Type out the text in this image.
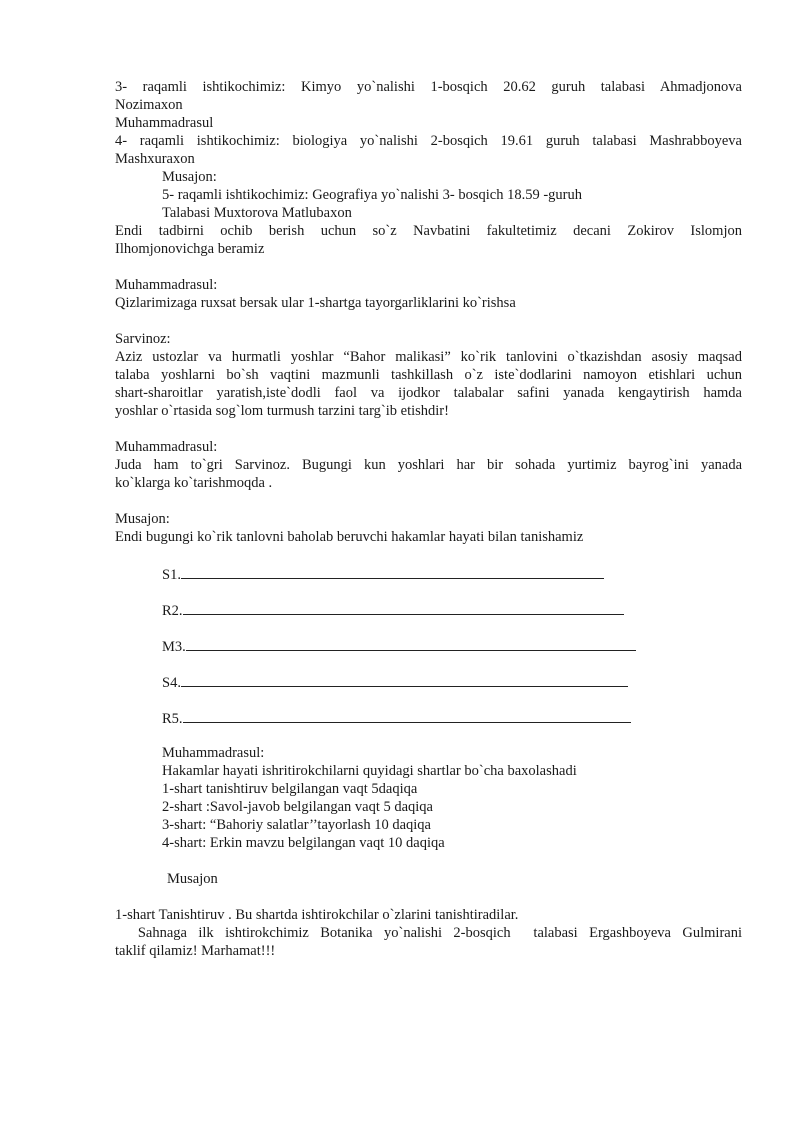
3- raqamli ishtikochimiz: Kimyo yo`nalishi 1-bosqich 20.62 guruh talabasi Ahmadjonova

Nozimaxon

Muhammadrasul

4- raqamli ishtikochimiz: biologiya yo`nalishi 2-bosqich 19.61 guruh talabasi Mashrabboyeva

Mashxuraxon

Musajon:

5- raqamli ishtikochimiz: Geografiya yo`nalishi 3- bosqich 18.59 -guruh

Talabasi Muxtorova Matlubaxon

Endi tadbirni ochib berish uchun so`z Navbatini fakultetimiz decani Zokirov Islomjon

Ilhomjonovichga beramiz

Muhammadrasul:

Qizlarimizaga ruxsat bersak ular 1-shartga tayorgarliklarini ko`rishsa

Sarvinoz:

Aziz ustozlar va hurmatli yoshlar “Bahor malikasi” ko`rik tanlovini o`tkazishdan asosiy maqsad

talaba yoshlarni bo`sh vaqtini mazmunli tashkillash o`z iste`dodlarini namoyon etishlari uchun

shart-sharoitlar yaratish,iste`dodli faol va ijodkor talabalar safini yanada kengaytirish hamda

yoshlar o`rtasida sog`lom turmush tarzini targ`ib etishdir!

Muhammadrasul:

Juda ham to`gri Sarvinoz. Bugungi kun yoshlari har bir sohada yurtimiz bayrog`ini yanada

ko`klarga ko`tarishmoqda .

Musajon:

Endi bugungi ko`rik tanlovni baholab beruvchi hakamlar hayati bilan tanishamiz

S1.
R2.
M3.
S4.
R5.

Muhammadrasul:

Hakamlar hayati ishritirokchilarni quyidagi shartlar bo`cha baxolashadi

1-shart tanishtiruv belgilangan vaqt 5daqiqa

2-shart :Savol-javob belgilangan vaqt 5 daqiqa

3-shart: “Bahoriy salatlar’’tayorlash 10 daqiqa

4-shart: Erkin mavzu belgilangan vaqt 10 daqiqa

Musajon

1-shart Tanishtiruv . Bu shartda ishtirokchilar o`zlarini tanishtiradilar.

Sahnaga ilk ishtirokchimiz Botanika yo`nalishi 2-bosqich  talabasi Ergashboyeva Gulmirani

taklif qilamiz! Marhamat!!!
